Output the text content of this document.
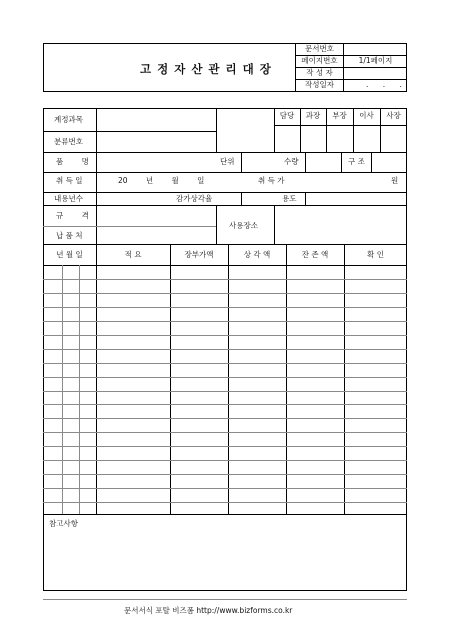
고정자산관리대장
문서번호
페이지번호	1/1페이지
작 성 자
작성일자	. . .
계정과목
분류번호
담당	과장	부장	이사	사장
품 명	단위	수량	구 조
취 득 일	20 년 월 일	취 득 가	원
내용년수	감가상각율	용도
규 격
사용장소
납 품 처
년 월 일	적 요	장부가액	상 각 액	잔 존 액	확 인
참고사항
문서서식 포탈 비즈폼 http://www.bizforms.co.kr
